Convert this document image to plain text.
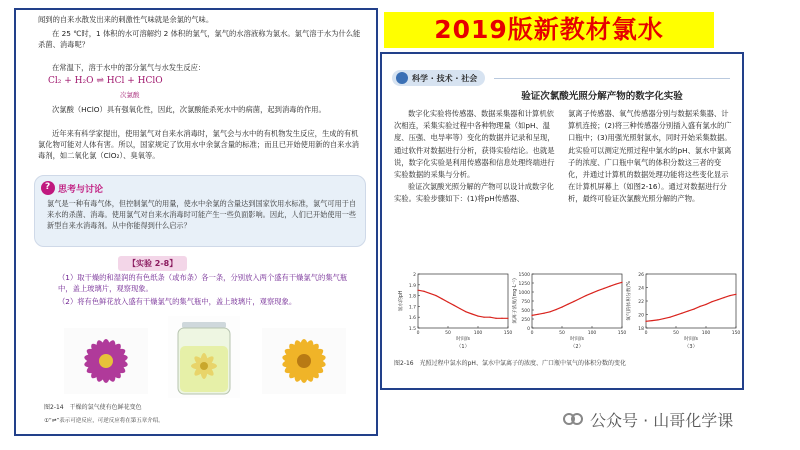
2019版新教材氯水

闻到的自来水散发出来的刺激性气味就是余氯的气味。

在 25 ℃时，1 体积的水可溶解约 2 体积的氯气，氯气的水溶液称为氯水。氯气溶于水为什么能杀菌、消毒呢？

在常温下，溶于水中的部分氯气与水发生反应：

Cl₂ + H₂O ⇌ HCl + HClO
次氯酸

次氯酸（HClO）具有强氧化性，因此，次氯酸能杀死水中的病菌，起到消毒的作用。

近年来有科学家提出，使用氯气对自来水消毒时，氯气会与水中的有机物发生反应，生成的有机氯化物可能对人体有害。所以，国家规定了饮用水中余氯含量的标准；而且已开始使用新的自来水消毒剂，如二氧化氯（ClO₂）、臭氧等。

?
思考与讨论
氯气是一种有毒气体，但控制氯气的用量，使水中余氯的含量达到国家饮用水标准，氯气可用于自来水的杀菌、消毒。使用氯气对自来水消毒时可能产生一些负面影响。因此，人们已开始使用一些新型自来水消毒剂。从中你能得到什么启示？
【实验 2-8】

（1）取干燥的和湿润的有色纸条（或布条）各一条，分别放入两个盛有干燥氯气的集气瓶中，盖上玻璃片，观察现象。

（2）将有色鲜花放入盛有干燥氯气的集气瓶中，盖上玻璃片，观察现象。

图2-14　干燥的氯气使有色鲜花变色
①“⇌”表示可逆反应，可逆反应将在第五章介绍。
科学 · 技术 · 社会
验证次氯酸光照分解产物的数字化实验

数字化实验将传感器、数据采集器和计算机依次相连，采集实验过程中各种物理量（如pH、温度、压强、电导率等）变化的数据并记录和呈现，通过软件对数据进行分析，获得实验结论。也就是说，数字化实验是利用传感器和信息处理终端进行实验数据的采集与分析。

验证次氯酸光照分解的产物可以设计成数字化实验。实验步骤如下：(1)将pH传感器、

氯离子传感器、氧气传感器分别与数据采集器、计算机连接；(2)将三种传感器分别插入盛有氯水的广口瓶中；(3)用强光照射氯水，同时开始采集数据。此实验可以测定光照过程中氯水的pH、氯水中氯离子的浓度、广口瓶中氧气的体积分数这三者的变化，并通过计算机的数据处理功能将这些变化显示在计算机屏幕上（如图2-16）。通过对数据进行分析，最终可验证次氯酸光照分解的产物。

1.5
1.6
1.7
1.8
1.9
2
0	50	100	150
时间/s
氯水的pH
（1）
0
250
500
750
1000
1250
1500
0	50	100	150
时间/s
氯离子浓度/(mg·L⁻¹)
（2）
18
20
22
24
26
0	50	100	150
时间/s
氧气的体积分数/%
（3）
图2-16　光照过程中氯水的pH、氯水中氯离子的浓度、广口瓶中氧气的体积分数的变化
公众号 · 山哥化学课
